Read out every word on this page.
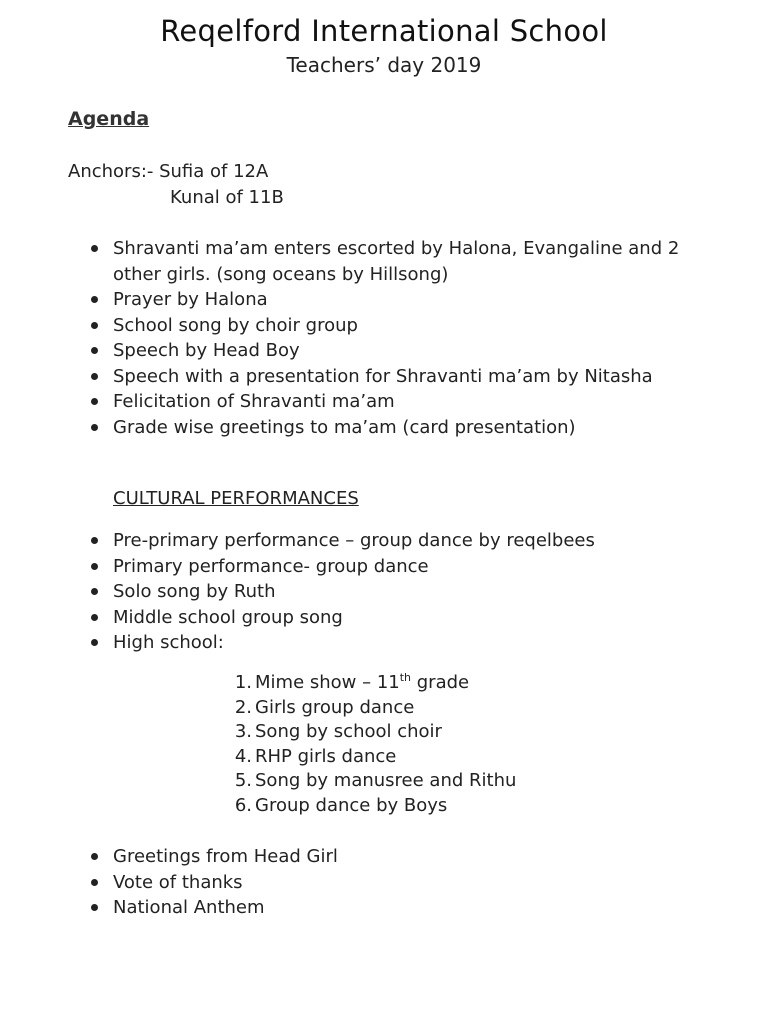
Reqelford International School
Teachers’ day 2019
Agenda
Anchors:- Sufia of 12A
Kunal of 11B
Shravanti ma’am enters escorted by Halona, Evangaline and 2 other girls. (song oceans by Hillsong)
Prayer by Halona
School song by choir group
Speech by Head Boy
Speech with a presentation for Shravanti ma’am by Nitasha
Felicitation of Shravanti ma’am
Grade wise greetings to ma’am (card presentation)
CULTURAL PERFORMANCES
Pre-primary performance – group dance by reqelbees
Primary performance- group dance
Solo song by Ruth
Middle school group song
High school:
1. Mime show – 11th grade
2. Girls group dance
3. Song by school choir
4. RHP girls dance
5. Song by manusree and Rithu
6. Group dance by Boys
Greetings from Head Girl
Vote of thanks
National Anthem
